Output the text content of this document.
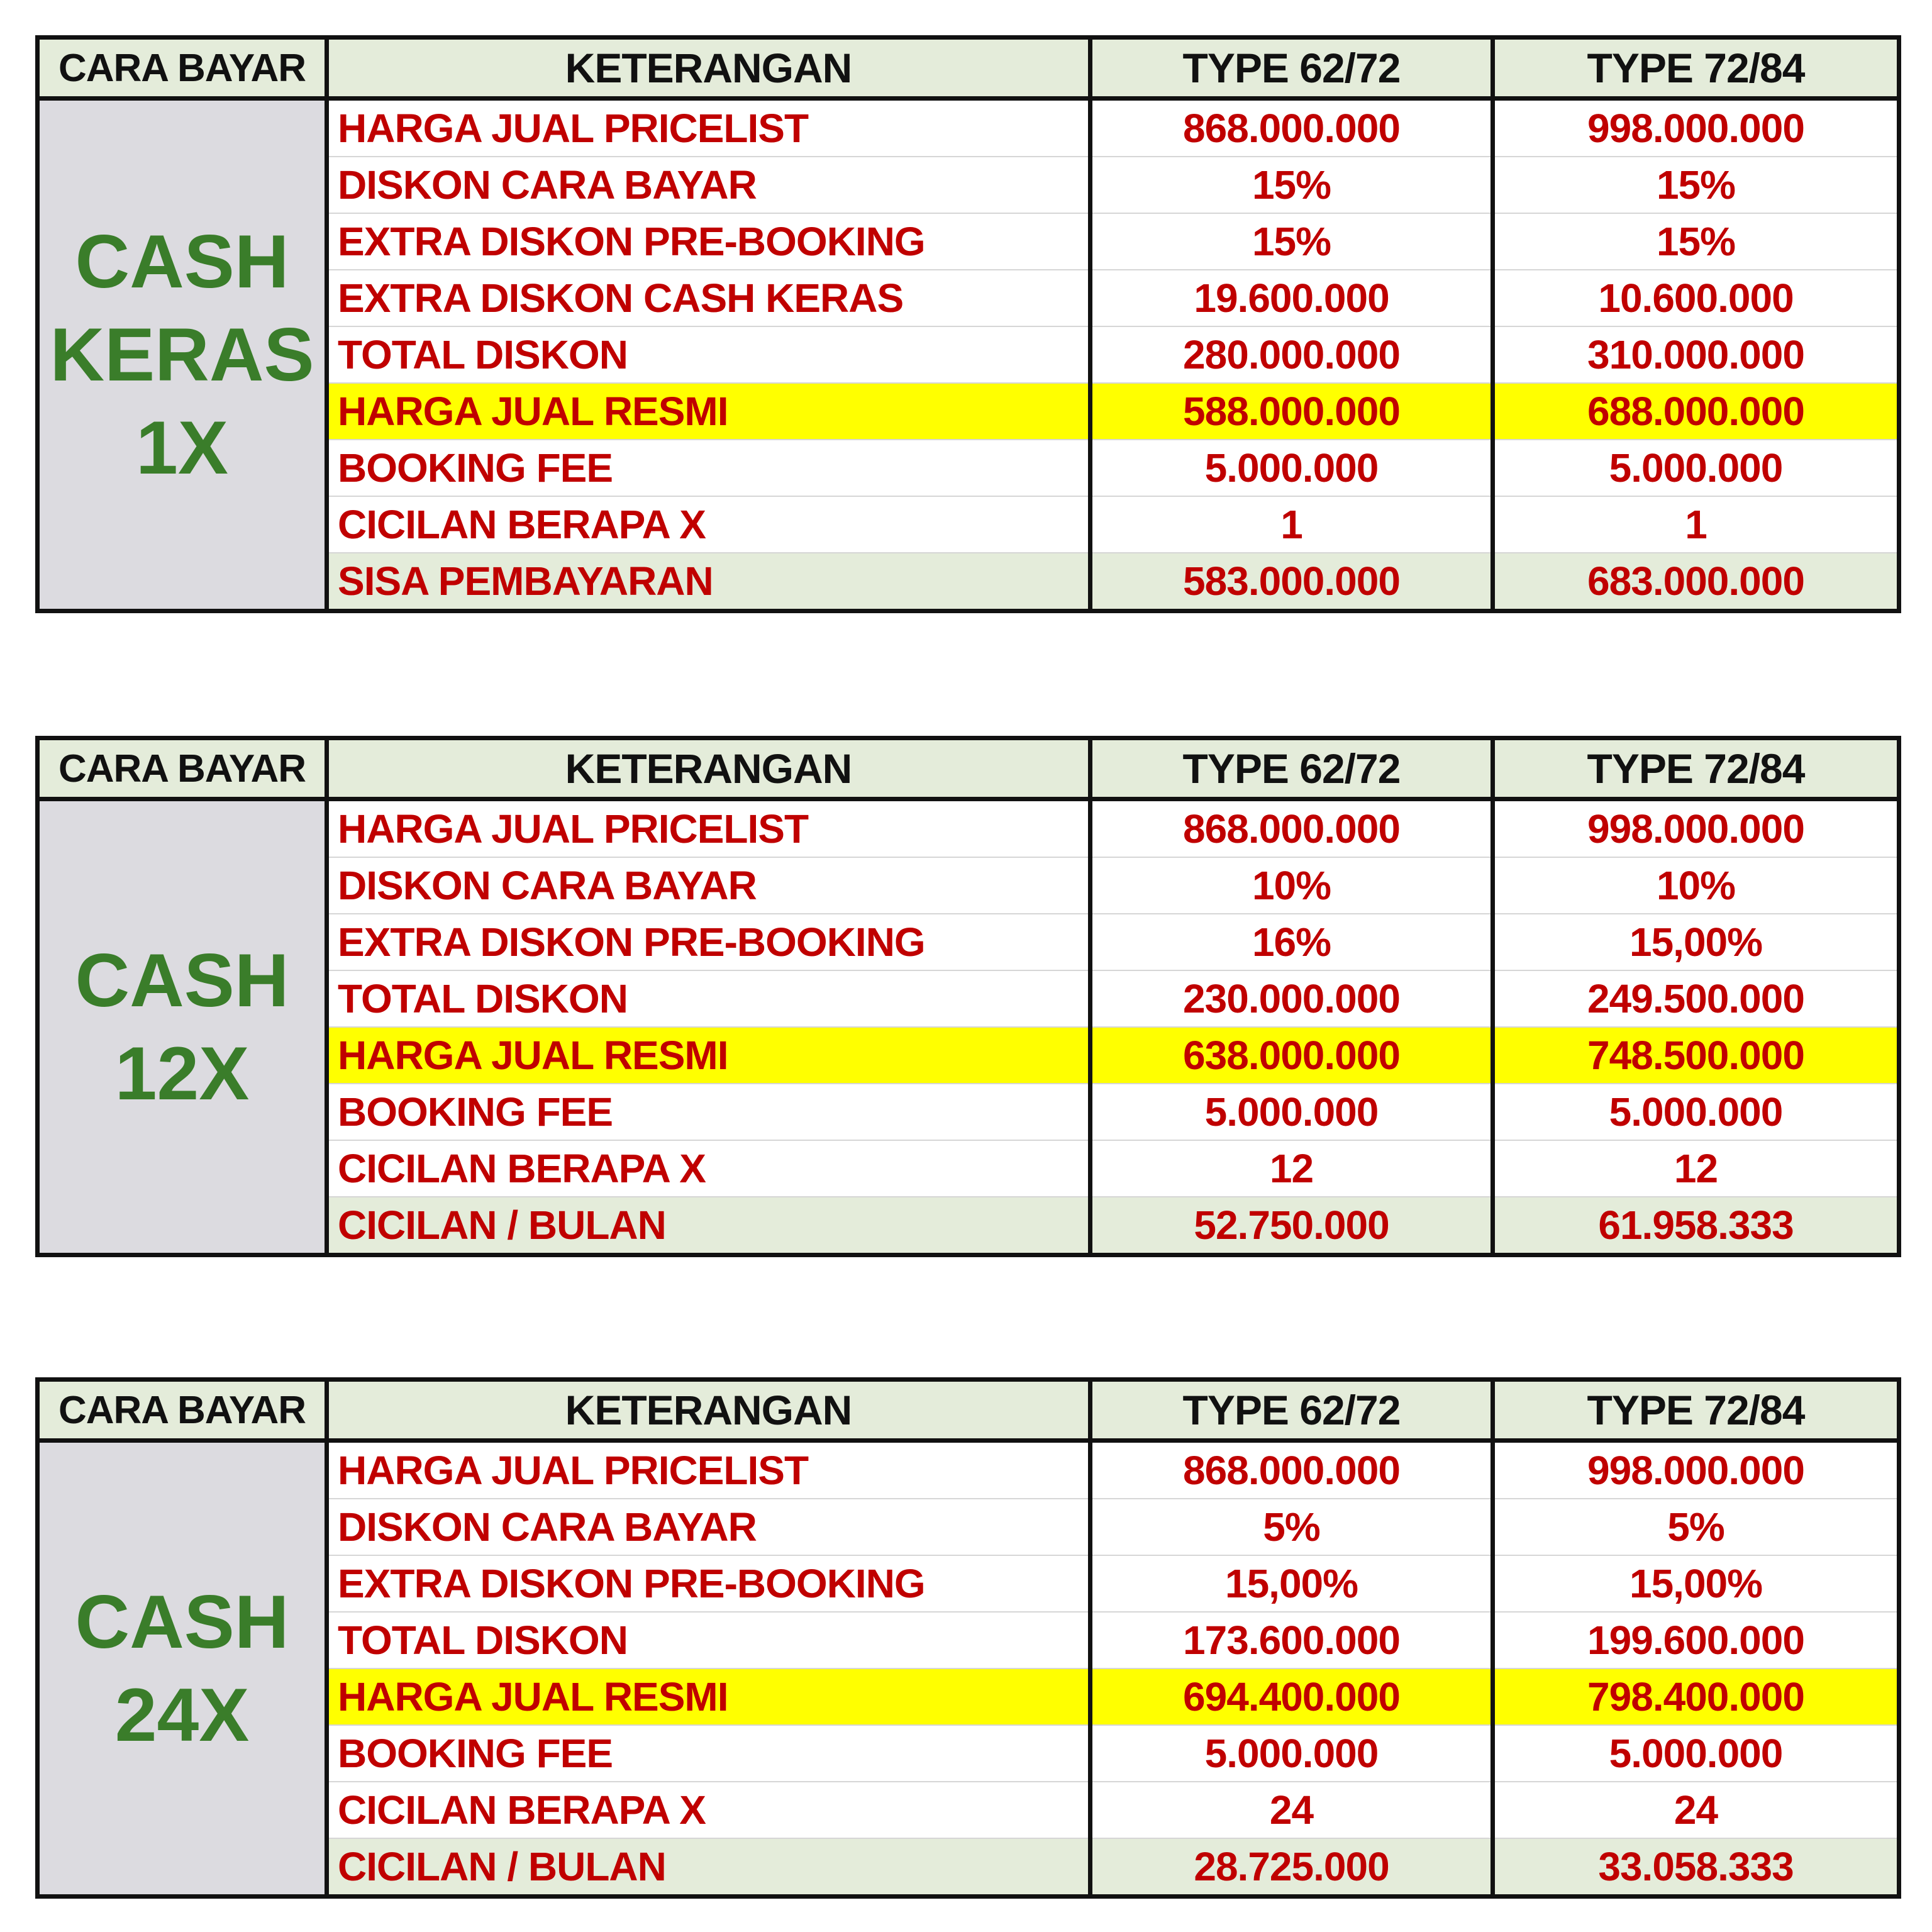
CARA BAYAR	KETERANGAN	TYPE 62/72	TYPE 72/84

CASH
KERAS
1X	HARGA JUAL PRICELIST	868.000.000	998.000.000
	DISKON CARA BAYAR	15%	15%
	EXTRA DISKON PRE-BOOKING	15%	15%
	EXTRA DISKON CASH KERAS	19.600.000	10.600.000
	TOTAL DISKON	280.000.000	310.000.000
	HARGA JUAL RESMI	588.000.000	688.000.000
	BOOKING FEE	5.000.000	5.000.000
	CICILAN BERAPA X	1	1
	SISA PEMBAYARAN	583.000.000	683.000.000
CARA BAYAR	KETERANGAN	TYPE 62/72	TYPE 72/84

CASH
12X	HARGA JUAL PRICELIST	868.000.000	998.000.000
	DISKON CARA BAYAR	10%	10%
	EXTRA DISKON PRE-BOOKING	16%	15,00%
	TOTAL DISKON	230.000.000	249.500.000
	HARGA JUAL RESMI	638.000.000	748.500.000
	BOOKING FEE	5.000.000	5.000.000
	CICILAN BERAPA X	12	12
	CICILAN / BULAN	52.750.000	61.958.333
CARA BAYAR	KETERANGAN	TYPE 62/72	TYPE 72/84

CASH
24X	HARGA JUAL PRICELIST	868.000.000	998.000.000
	DISKON CARA BAYAR	5%	5%
	EXTRA DISKON PRE-BOOKING	15,00%	15,00%
	TOTAL DISKON	173.600.000	199.600.000
	HARGA JUAL RESMI	694.400.000	798.400.000
	BOOKING FEE	5.000.000	5.000.000
	CICILAN BERAPA X	24	24
	CICILAN / BULAN	28.725.000	33.058.333
